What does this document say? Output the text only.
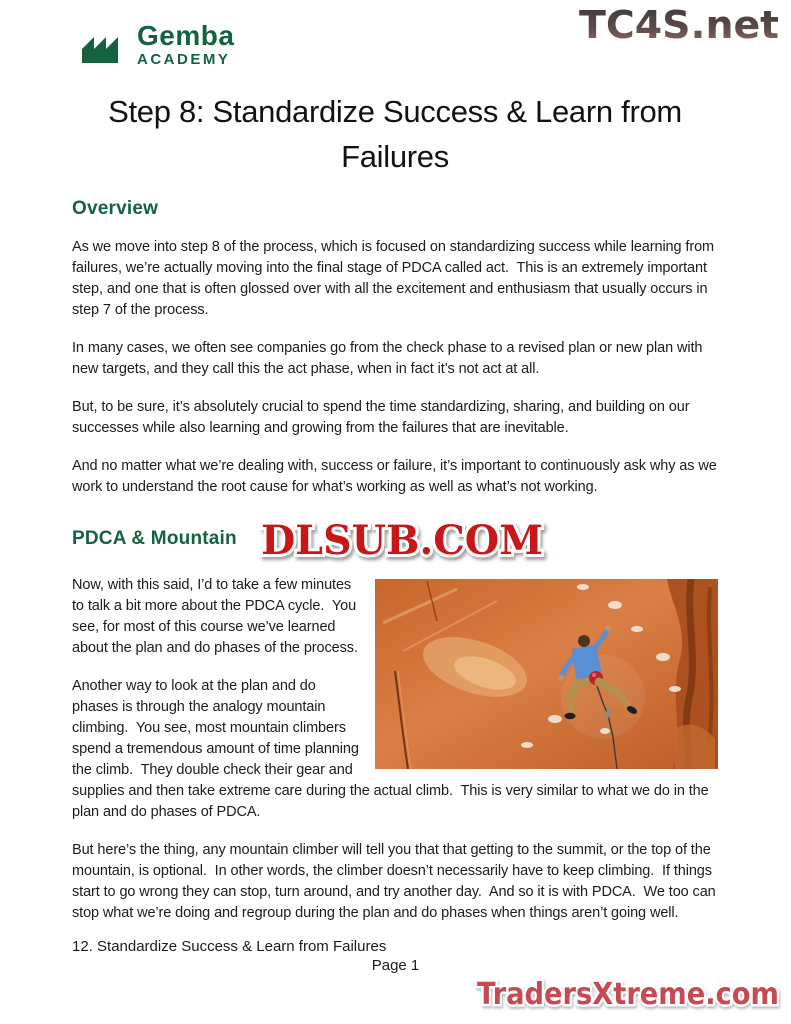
Gemba
ACADEMY
TC4S.net
Step 8: Standardize Success & Learn from Failures
Overview

As we move into step 8 of the process, which is focused on standardizing success while learning from failures, we’re actually moving into the final stage of PDCA called act.  This is an extremely important step, and one that is often glossed over with all the excitement and enthusiasm that usually occurs in step 7 of the process.

In many cases, we often see companies go from the check phase to a revised plan or new plan with new targets, and they call this the act phase, when in fact it’s not act at all.

But, to be sure, it’s absolutely crucial to spend the time standardizing, sharing, and building on our successes while also learning and growing from the failures that are inevitable.

And no matter what we’re dealing with, success or failure, it’s important to continuously ask why as we work to understand the root cause for what’s working as well as what’s not working.

PDCA & Mountain DLSUB.COM

Now, with this said, I’d to take a few minutes to talk a bit more about the PDCA cycle.  You see, for most of this course we’ve learned about the plan and do phases of the process.

Another way to look at the plan and do phases is through the analogy mountain climbing.  You see, most mountain climbers spend a tremendous amount of time planning the climb.  They double check their gear and supplies and then take extreme care during the actual climb.  This is very similar to what we do in the plan and do phases of PDCA.

But here’s the thing, any mountain climber will tell you that that getting to the summit, or the top of the mountain, is optional.  In other words, the climber doesn’t necessarily have to keep climbing.  If things start to go wrong they can stop, turn around, and try another day.  And so it is with PDCA.  We too can stop what we’re doing and regroup during the plan and do phases when things aren’t going well.

12. Standardize Success & Learn from Failures
Page 1
TradersXtreme.com
